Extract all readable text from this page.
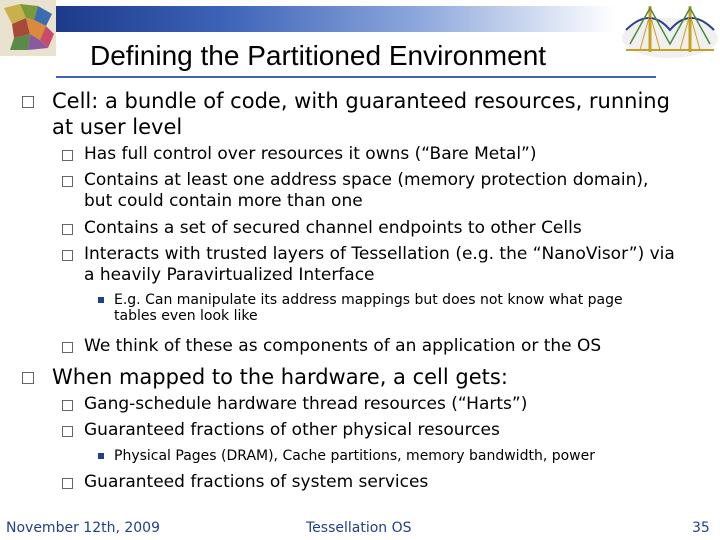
Defining the Partitioned Environment
Cell: a bundle of code, with guaranteed resources, running
at user level
Has full control over resources it owns (“Bare Metal”)
Contains at least one address space (memory protection domain),
but could contain more than one
Contains a set of secured channel endpoints to other Cells
Interacts with trusted layers of Tessellation (e.g. the “NanoVisor”) via
a heavily Paravirtualized Interface
E.g. Can manipulate its address mappings but does not know what page
tables even look like
We think of these as components of an application or the OS
When mapped to the hardware, a cell gets:
Gang-schedule hardware thread resources (“Harts”)
Guaranteed fractions of other physical resources
Physical Pages (DRAM), Cache partitions, memory bandwidth, power
Guaranteed fractions of system services
November 12th, 2009	Tessellation OS	35
